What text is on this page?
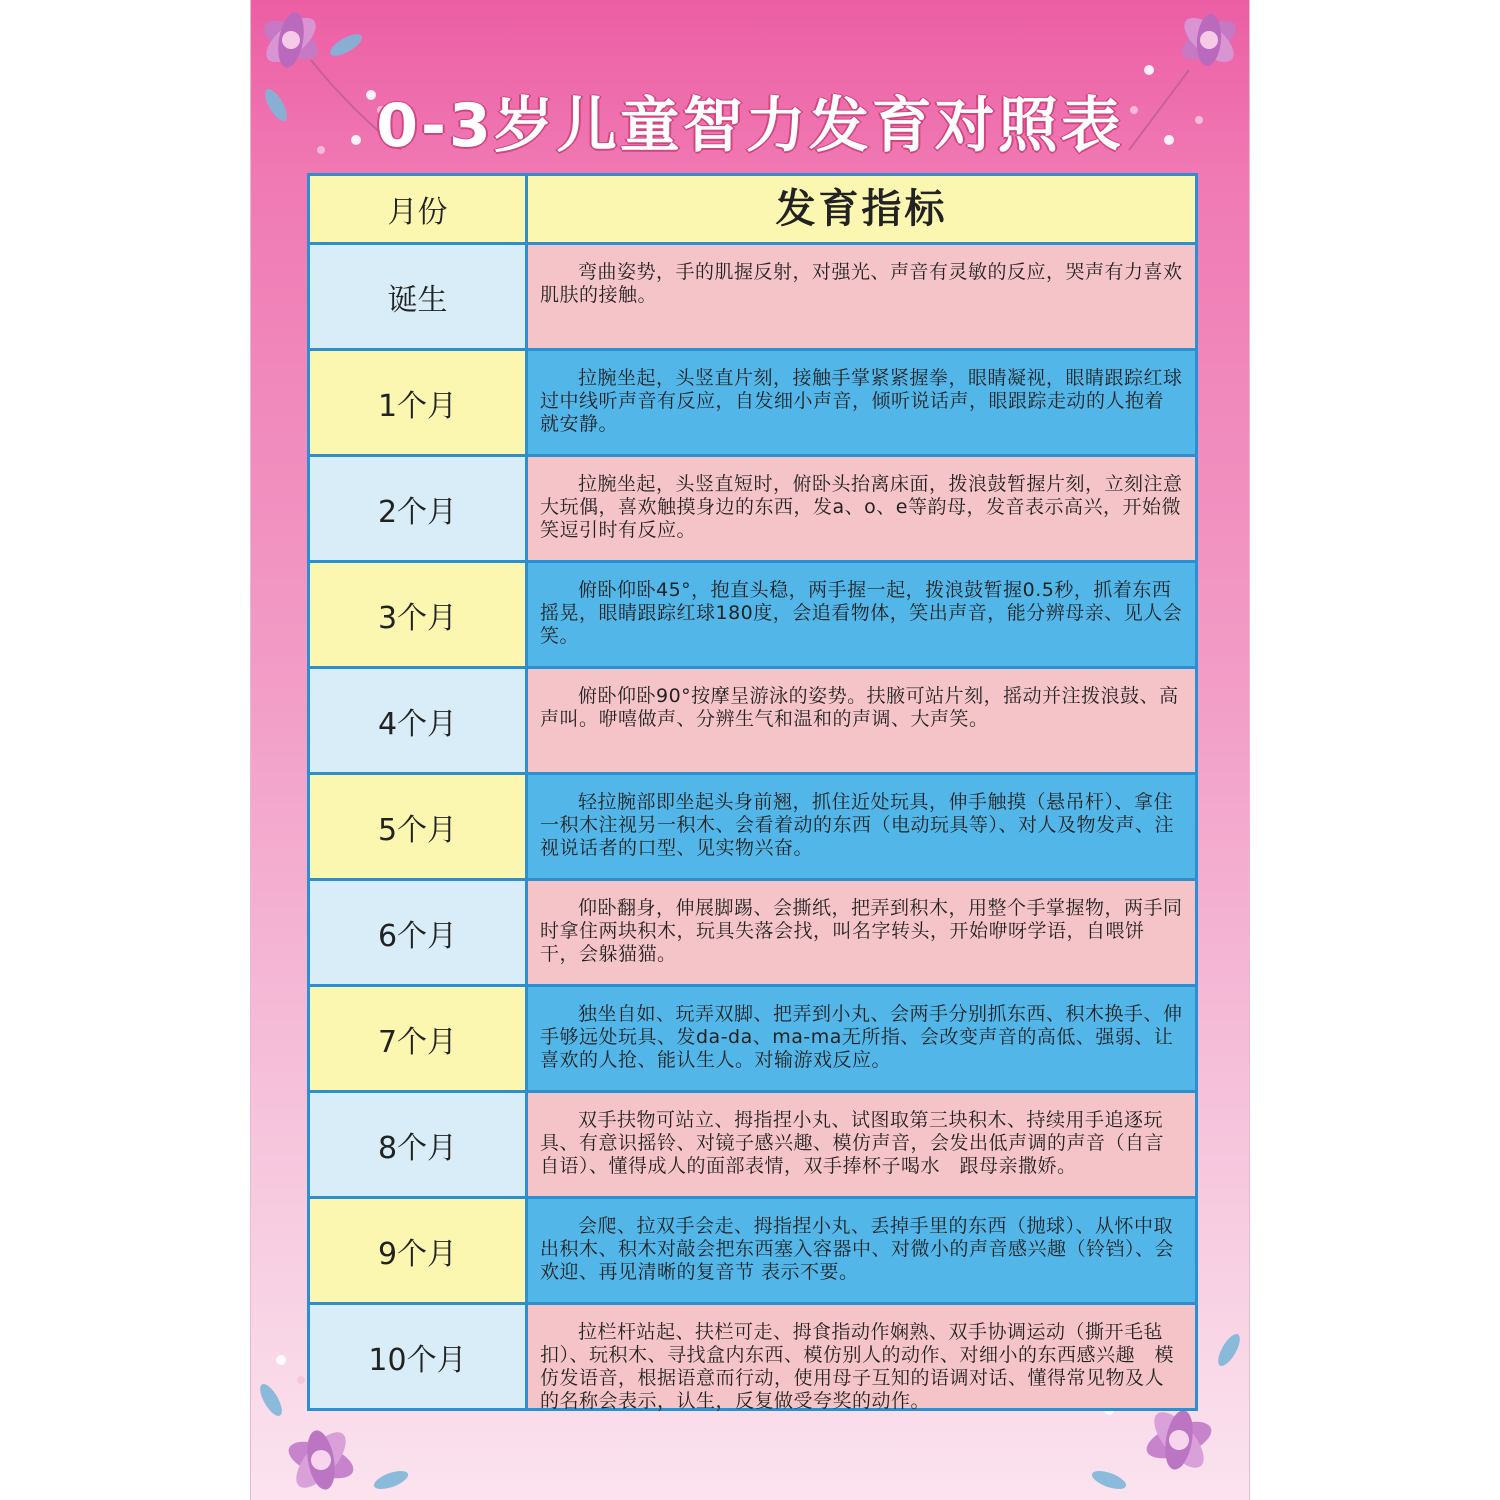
0-3岁儿童智力发育对照表
月份	发育指标
诞生
弯曲姿势，手的肌握反射，对强光、声音有灵敏的反应，哭声有力喜欢肌肤的接触。
1个月
拉腕坐起，头竖直片刻，接触手掌紧紧握拳，眼睛凝视，眼睛跟踪红球过中线听声音有反应，自发细小声音，倾听说话声，眼跟踪走动的人抱着就安静。
2个月
拉腕坐起，头竖直短时，俯卧头抬离床面，拨浪鼓暂握片刻，立刻注意大玩偶，喜欢触摸身边的东西，发a、o、e等韵母，发音表示高兴，开始微笑逗引时有反应。
3个月
俯卧仰卧45°，抱直头稳，两手握一起，拨浪鼓暂握0.5秒，抓着东西摇晃，眼睛跟踪红球180度，会追看物体，笑出声音，能分辨母亲、见人会笑。
4个月
俯卧仰卧90°按摩呈游泳的姿势。扶腋可站片刻，摇动并注拨浪鼓、高声叫。咿嘻做声、分辨生气和温和的声调、大声笑。
5个月
轻拉腕部即坐起头身前翘，抓住近处玩具，伸手触摸（悬吊杆）、拿住一积木注视另一积木、会看着动的东西（电动玩具等）、对人及物发声、注视说话者的口型、见实物兴奋。
6个月
仰卧翻身，伸展脚踢、会撕纸，把弄到积木，用整个手掌握物，两手同时拿住两块积木，玩具失落会找，叫名字转头，开始咿呀学语，自喂饼干，会躲猫猫。
7个月
独坐自如、玩弄双脚、把弄到小丸、会两手分别抓东西、积木换手、伸手够远处玩具、发da-da、ma-ma无所指、会改变声音的高低、强弱、让喜欢的人抢、能认生人。对输游戏反应。
8个月
双手扶物可站立、拇指捏小丸、试图取第三块积木、持续用手追逐玩具、有意识摇铃、对镜子感兴趣、模仿声音，会发出低声调的声音（自言自语）、懂得成人的面部表情，双手捧杯子喝水　跟母亲撒娇。
9个月
会爬、拉双手会走、拇指捏小丸、丢掉手里的东西（抛球）、从怀中取出积木、积木对敲会把东西塞入容器中、对微小的声音感兴趣（铃铛）、会欢迎、再见清晰的复音节 表示不要。
10个月
拉栏杆站起、扶栏可走、拇食指动作娴熟、双手协调运动（撕开毛毡扣）、玩积木、寻找盒内东西、模仿别人的动作、对细小的东西感兴趣　模仿发语音，根据语意而行动，使用母子互知的语调对话、懂得常见物及人的名称会表示，认生，反复做受夸奖的动作。
